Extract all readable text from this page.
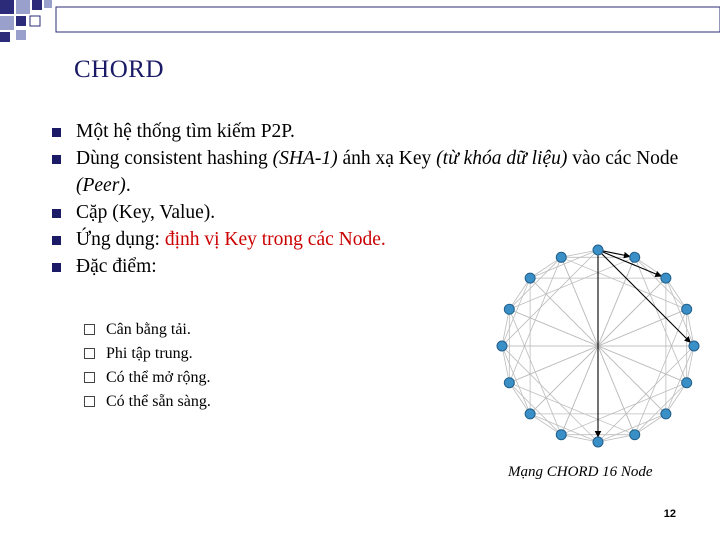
CHORD
Một hệ thống tìm kiếm P2P.
Dùng consistent hashing (SHA-1) ánh xạ Key (từ khóa dữ liệu) vào các Node (Peer).
Cặp (Key, Value).
Ứng dụng: định vị Key trong các Node.
Đặc điểm:
Cân bằng tải.
Phi tập trung.
Có thể mở rộng.
Có thể sẵn sàng.
Mạng CHORD 16 Node
12
